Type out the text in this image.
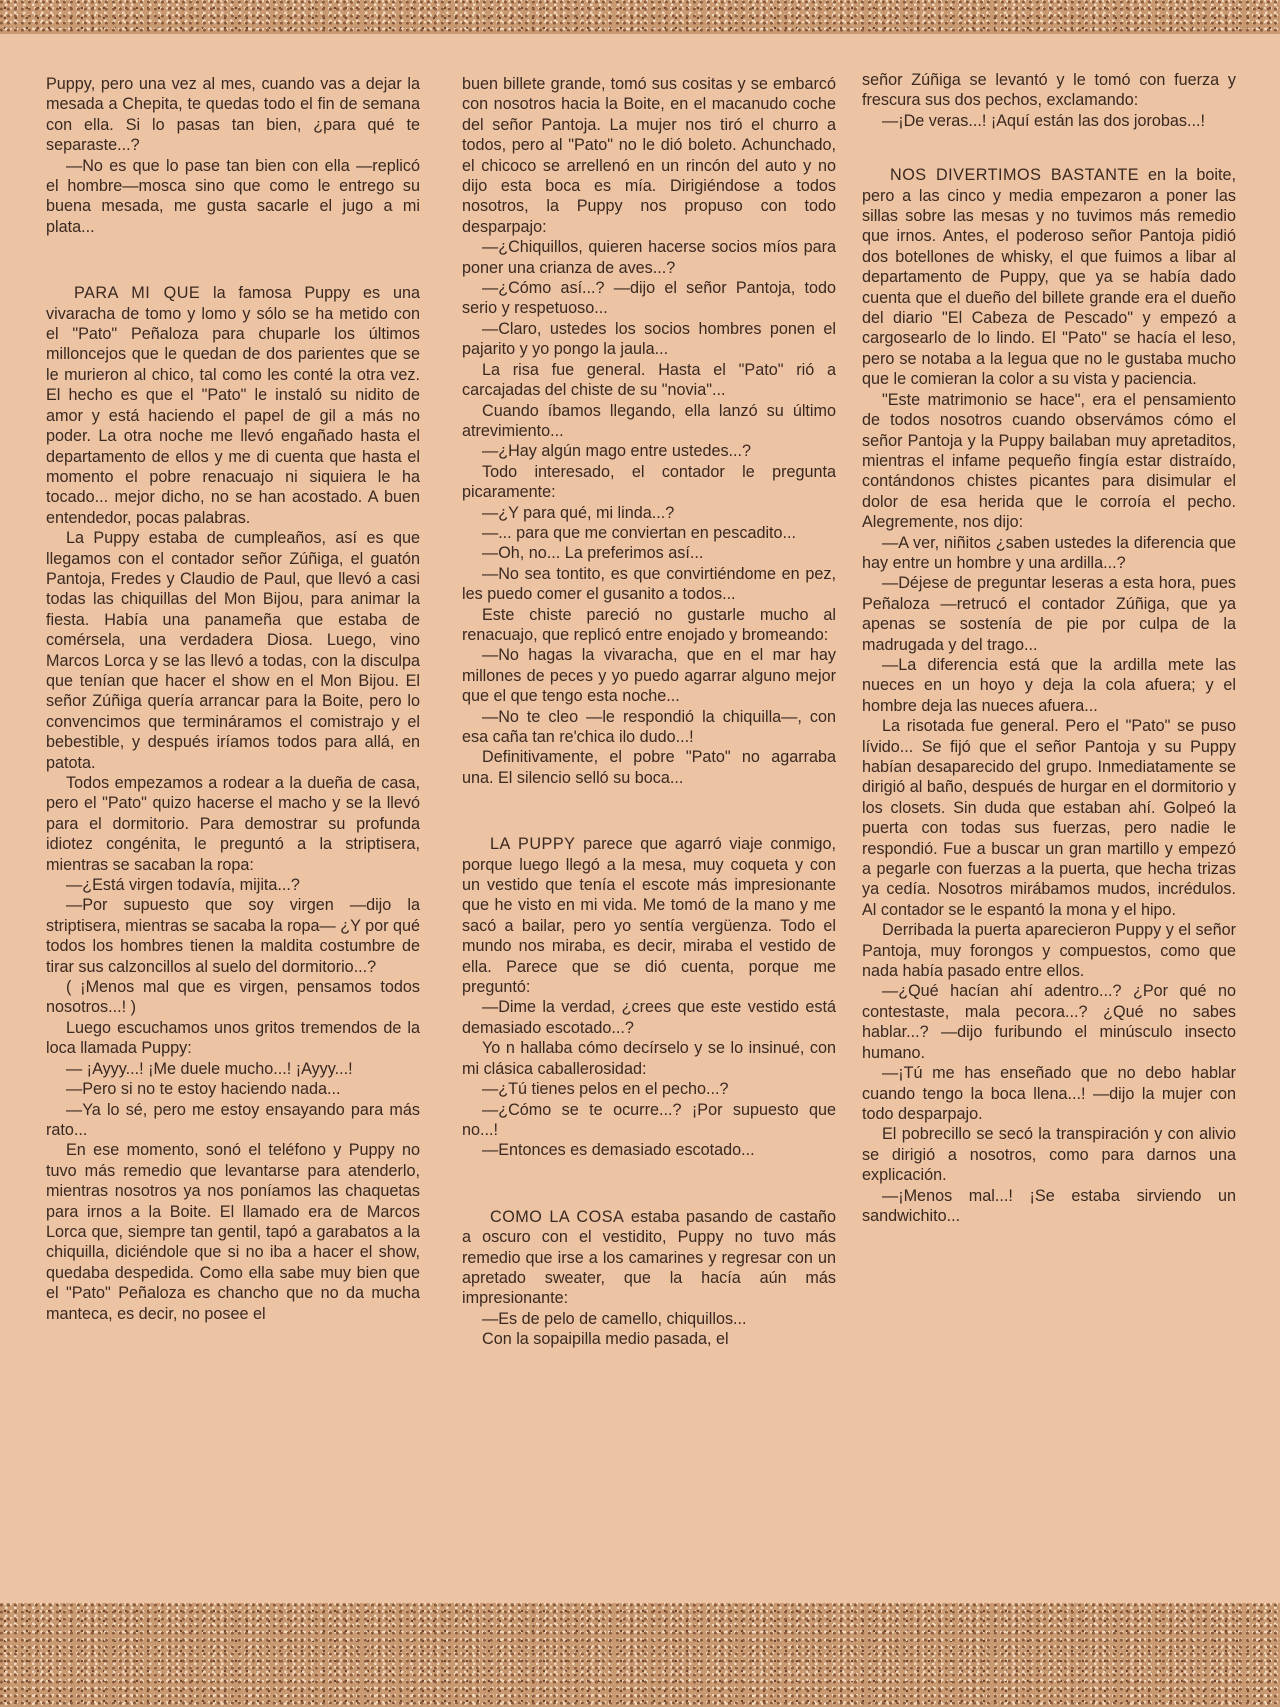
Puppy, pero una vez al mes, cuando vas a dejar la mesada a Chepita, te quedas todo el fin de semana con ella. Si lo pasas tan bien, ¿para qué te separaste...?

—No es que lo pase tan bien con ella —replicó el hombre—mosca sino que como le entrego su buena mesada, me gusta sacarle el jugo a mi plata...

PARA MI QUE la famosa Puppy es una vivaracha de tomo y lomo y sólo se ha metido con el "Pato" Peñaloza para chuparle los últimos milloncejos que le quedan de dos parientes que se le murieron al chico, tal como les conté la otra vez. El hecho es que el "Pato" le instaló su nidito de amor y está haciendo el papel de gil a más no poder. La otra noche me llevó engañado hasta el departamento de ellos y me di cuenta que hasta el momento el pobre renacuajo ni siquiera le ha tocado... mejor dicho, no se han acostado. A buen entendedor, pocas palabras.

La Puppy estaba de cumpleaños, así es que llegamos con el contador señor Zúñiga, el guatón Pantoja, Fredes y Claudio de Paul, que llevó a casi todas las chiquillas del Mon Bijou, para animar la fiesta. Había una panameña que estaba de comérsela, una verdadera Diosa. Luego, vino Marcos Lorca y se las llevó a todas, con la disculpa que tenían que hacer el show en el Mon Bijou. El señor Zúñiga quería arrancar para la Boite, pero lo convencimos que termináramos el comistrajo y el bebestible, y después iríamos todos para allá, en patota.

Todos empezamos a rodear a la dueña de casa, pero el "Pato" quizo hacerse el macho y se la llevó para el dormitorio. Para demostrar su profunda idiotez congénita, le preguntó a la striptisera, mientras se sacaban la ropa:

—¿Está virgen todavía, mijita...?

—Por supuesto que soy virgen —dijo la striptisera, mientras se sacaba la ropa— ¿Y por qué todos los hombres tienen la maldita costumbre de tirar sus calzoncillos al suelo del dormitorio...?

( ¡Menos mal que es virgen, pensamos todos nosotros...! )

Luego escuchamos unos gritos tremendos de la loca llamada Puppy:

— ¡Ayyy...! ¡Me duele mucho...! ¡Ayyy...!

—Pero si no te estoy haciendo nada...

—Ya lo sé, pero me estoy ensayando para más rato...

En ese momento, sonó el teléfono y Puppy no tuvo más remedio que levantarse para atenderlo, mientras nosotros ya nos poníamos las chaquetas para irnos a la Boite. El llamado era de Marcos Lorca que, siempre tan gentil, tapó a garabatos a la chiquilla, diciéndole que si no iba a hacer el show, quedaba despedida. Como ella sabe muy bien que el "Pato" Peñaloza es chancho que no da mucha manteca, es decir, no posee el

buen billete grande, tomó sus cositas y se embarcó con nosotros hacia la Boite, en el macanudo coche del señor Pantoja. La mujer nos tiró el churro a todos, pero al "Pato" no le dió boleto. Achunchado, el chicoco se arrellenó en un rincón del auto y no dijo esta boca es mía. Dirigiéndose a todos nosotros, la Puppy nos propuso con todo desparpajo:

—¿Chiquillos, quieren hacerse socios míos para poner una crianza de aves...?

—¿Cómo así...? —dijo el señor Pantoja, todo serio y respetuoso...

—Claro, ustedes los socios hombres ponen el pajarito y yo pongo la jaula...

La risa fue general. Hasta el "Pato" rió a carcajadas del chiste de su "novia"...

Cuando íbamos llegando, ella lanzó su último atrevimiento...

—¿Hay algún mago entre ustedes...?

Todo interesado, el contador le pregunta picaramente:

—¿Y para qué, mi linda...?

—... para que me conviertan en pescadito...

—Oh, no... La preferimos así...

—No sea tontito, es que convirtiéndome en pez, les puedo comer el gusanito a todos...

Este chiste pareció no gustarle mucho al renacuajo, que replicó entre enojado y bromeando:

—No hagas la vivaracha, que en el mar hay millones de peces y yo puedo agarrar alguno mejor que el que tengo esta noche...

—No te cleo —le respondió la chiquilla—, con esa caña tan re'chica ilo dudo...!

Definitivamente, el pobre "Pato" no agarraba una. El silencio selló su boca...

LA PUPPY parece que agarró viaje conmigo, porque luego llegó a la mesa, muy coqueta y con un vestido que tenía el escote más impresionante que he visto en mi vida. Me tomó de la mano y me sacó a bailar, pero yo sentía vergüenza. Todo el mundo nos miraba, es decir, miraba el vestido de ella. Parece que se dió cuenta, porque me preguntó:

—Dime la verdad, ¿crees que este vestido está demasiado escotado...?

Yo n hallaba cómo decírselo y se lo insinué, con mi clásica caballerosidad:

—¿Tú tienes pelos en el pecho...?

—¿Cómo se te ocurre...? ¡Por supuesto que no...!

—Entonces es demasiado escotado...

COMO LA COSA estaba pasando de castaño a oscuro con el vestidito, Puppy no tuvo más remedio que irse a los camarines y regresar con un apretado sweater, que la hacía aún más impresionante:

—Es de pelo de camello, chiquillos...

Con la sopaipilla medio pasada, el

señor Zúñiga se levantó y le tomó con fuerza y frescura sus dos pechos, exclamando:

—¡De veras...! ¡Aquí están las dos jorobas...!

NOS DIVERTIMOS BASTANTE en la boite, pero a las cinco y media empezaron a poner las sillas sobre las mesas y no tuvimos más remedio que irnos. Antes, el poderoso señor Pantoja pidió dos botellones de whisky, el que fuimos a libar al departamento de Puppy, que ya se había dado cuenta que el dueño del billete grande era el dueño del diario "El Cabeza de Pescado" y empezó a cargosearlo de lo lindo. El "Pato" se hacía el leso, pero se notaba a la legua que no le gustaba mucho que le comieran la color a su vista y paciencia.

"Este matrimonio se hace", era el pensamiento de todos nosotros cuando observámos cómo el señor Pantoja y la Puppy bailaban muy apretaditos, mientras el infame pequeño fingía estar distraído, contándonos chistes picantes para disimular el dolor de esa herida que le corroía el pecho. Alegremente, nos dijo:

—A ver, niñitos ¿saben ustedes la diferencia que hay entre un hombre y una ardilla...?

—Déjese de preguntar leseras a esta hora, pues Peñaloza —retrucó el contador Zúñiga, que ya apenas se sostenía de pie por culpa de la madrugada y del trago...

—La diferencia está que la ardilla mete las nueces en un hoyo y deja la cola afuera; y el hombre deja las nueces afuera...

La risotada fue general. Pero el "Pato" se puso lívido... Se fijó que el señor Pantoja y su Puppy habían desaparecido del grupo. Inmediatamente se dirigió al baño, después de hurgar en el dormitorio y los closets. Sin duda que estaban ahí. Golpeó la puerta con todas sus fuerzas, pero nadie le respondió. Fue a buscar un gran martillo y empezó a pegarle con fuerzas a la puerta, que hecha trizas ya cedía. Nosotros mirábamos mudos, incrédulos. Al contador se le espantó la mona y el hipo.

Derribada la puerta aparecieron Puppy y el señor Pantoja, muy forongos y compuestos, como que nada había pasado entre ellos.

—¿Qué hacían ahí adentro...? ¿Por qué no contestaste, mala pecora...? ¿Qué no sabes hablar...? —dijo furibundo el minúsculo insecto humano.

—¡Tú me has enseñado que no debo hablar cuando tengo la boca llena...! —dijo la mujer con todo desparpajo.

El pobrecillo se secó la transpiración y con alivio se dirigió a nosotros, como para darnos una explicación.

—¡Menos mal...! ¡Se estaba sirviendo un sandwichito...
